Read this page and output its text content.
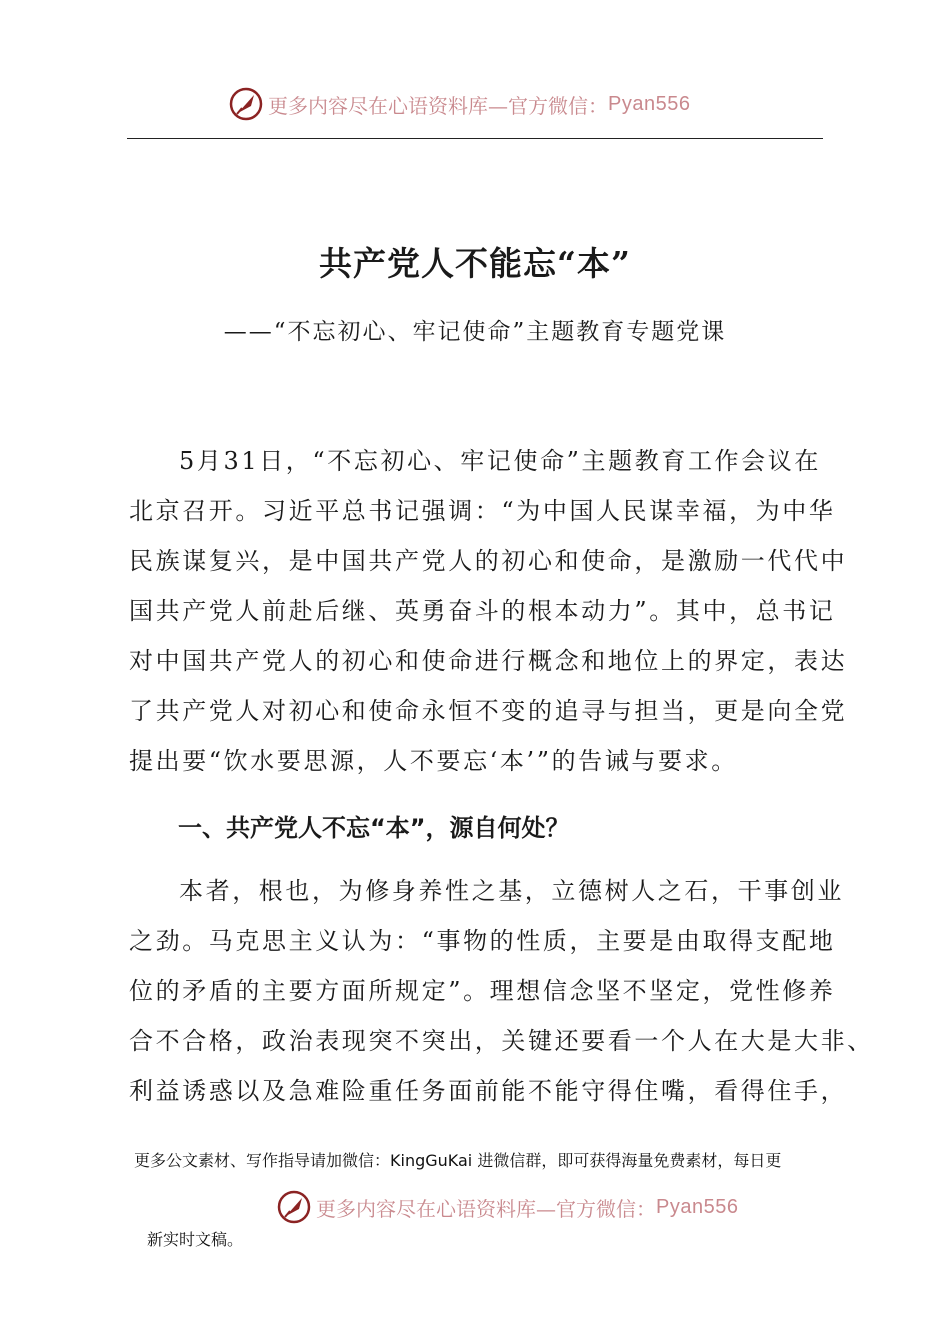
更多内容尽在心语资料库—官方微信： Pyan556
共产党人不能忘“本”
——“不忘初心、牢记使命”主题教育专题党课
5月31日，“不忘初心、牢记使命”主题教育工作会议在
北京召开。习近平总书记强调：“为中国人民谋幸福，为中华
民族谋复兴，是中国共产党人的初心和使命，是激励一代代中
国共产党人前赴后继、英勇奋斗的根本动力”。其中，总书记
对中国共产党人的初心和使命进行概念和地位上的界定，表达
了共产党人对初心和使命永恒不变的追寻与担当，更是向全党
提出要“饮水要思源，人不要忘‘本’”的告诫与要求。
一、共产党人不忘“本”，源自何处？
本者，根也，为修身养性之基，立德树人之石，干事创业
之劲。马克思主义认为：“事物的性质，主要是由取得支配地
位的矛盾的主要方面所规定”。理想信念坚不坚定，党性修养
合不合格，政治表现突不突出，关键还要看一个人在大是大非、
利益诱惑以及急难险重任务面前能不能守得住嘴，看得住手，
更多公文素材、写作指导请加微信：KingGuKai 进微信群，即可获得海量免费素材，每日更
更多内容尽在心语资料库—官方微信： Pyan556
新实时文稿。
